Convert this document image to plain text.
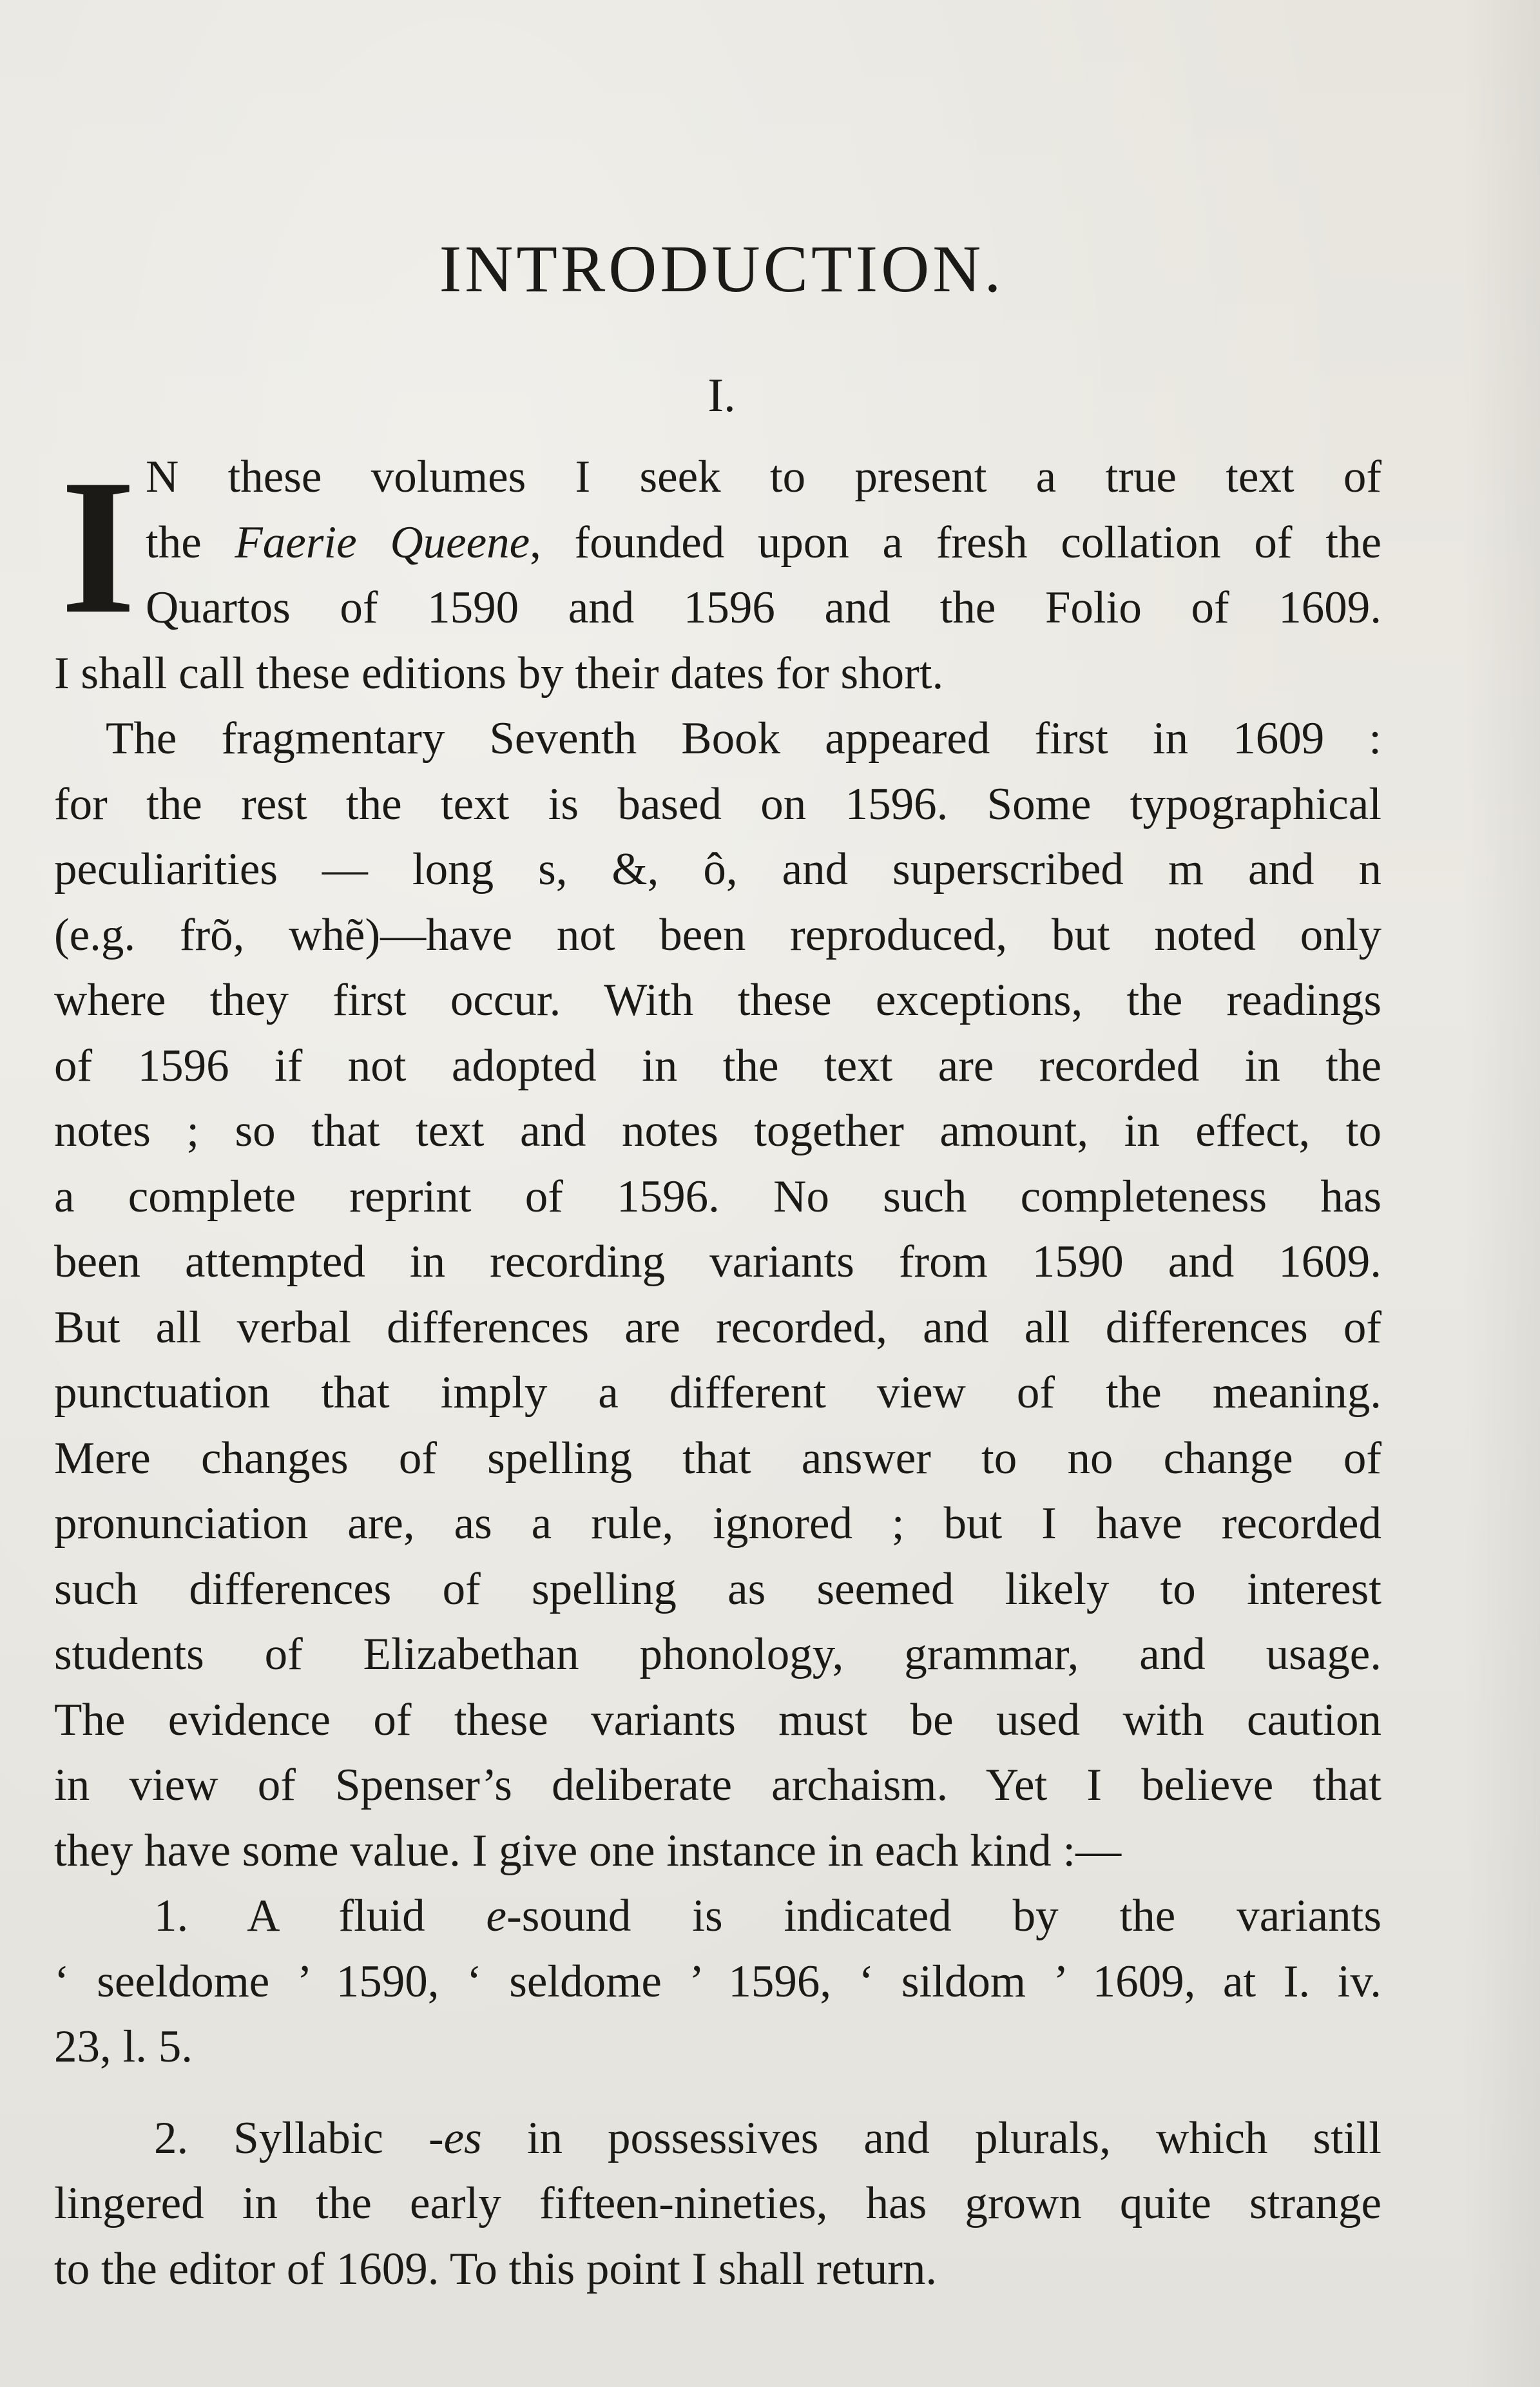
INTRODUCTION.
I.
I N these volumes I seek to present a true text of
the Faerie Queene, founded upon a fresh collation of the
Quartos of 1590 and 1596 and the Folio of 1609.
I shall call these editions by their dates for short.
The fragmentary Seventh Book appeared first in 1609 :
for the rest the text is based on 1596. Some typographical
peculiarities — long s, &, ô, and superscribed m and n
(e.g. frõ, whẽ)—have not been reproduced, but noted only
where they first occur. With these exceptions, the readings
of 1596 if not adopted in the text are recorded in the
notes ; so that text and notes together amount, in effect, to
a complete reprint of 1596. No such completeness has
been attempted in recording variants from 1590 and 1609.
But all verbal differences are recorded, and all differences of
punctuation that imply a different view of the meaning.
Mere changes of spelling that answer to no change of
pronunciation are, as a rule, ignored ; but I have recorded
such differences of spelling as seemed likely to interest
students of Elizabethan phonology, grammar, and usage.
The evidence of these variants must be used with caution
in view of Spenser’s deliberate archaism. Yet I believe that
they have some value. I give one instance in each kind :—
1. A fluid e-sound is indicated by the variants
‘ seeldome ’ 1590, ‘ seldome ’ 1596, ‘ sildom ’ 1609, at I. iv.
23, l. 5.
2. Syllabic -es in possessives and plurals, which still
lingered in the early fifteen-nineties, has grown quite strange
to the editor of 1609. To this point I shall return.
